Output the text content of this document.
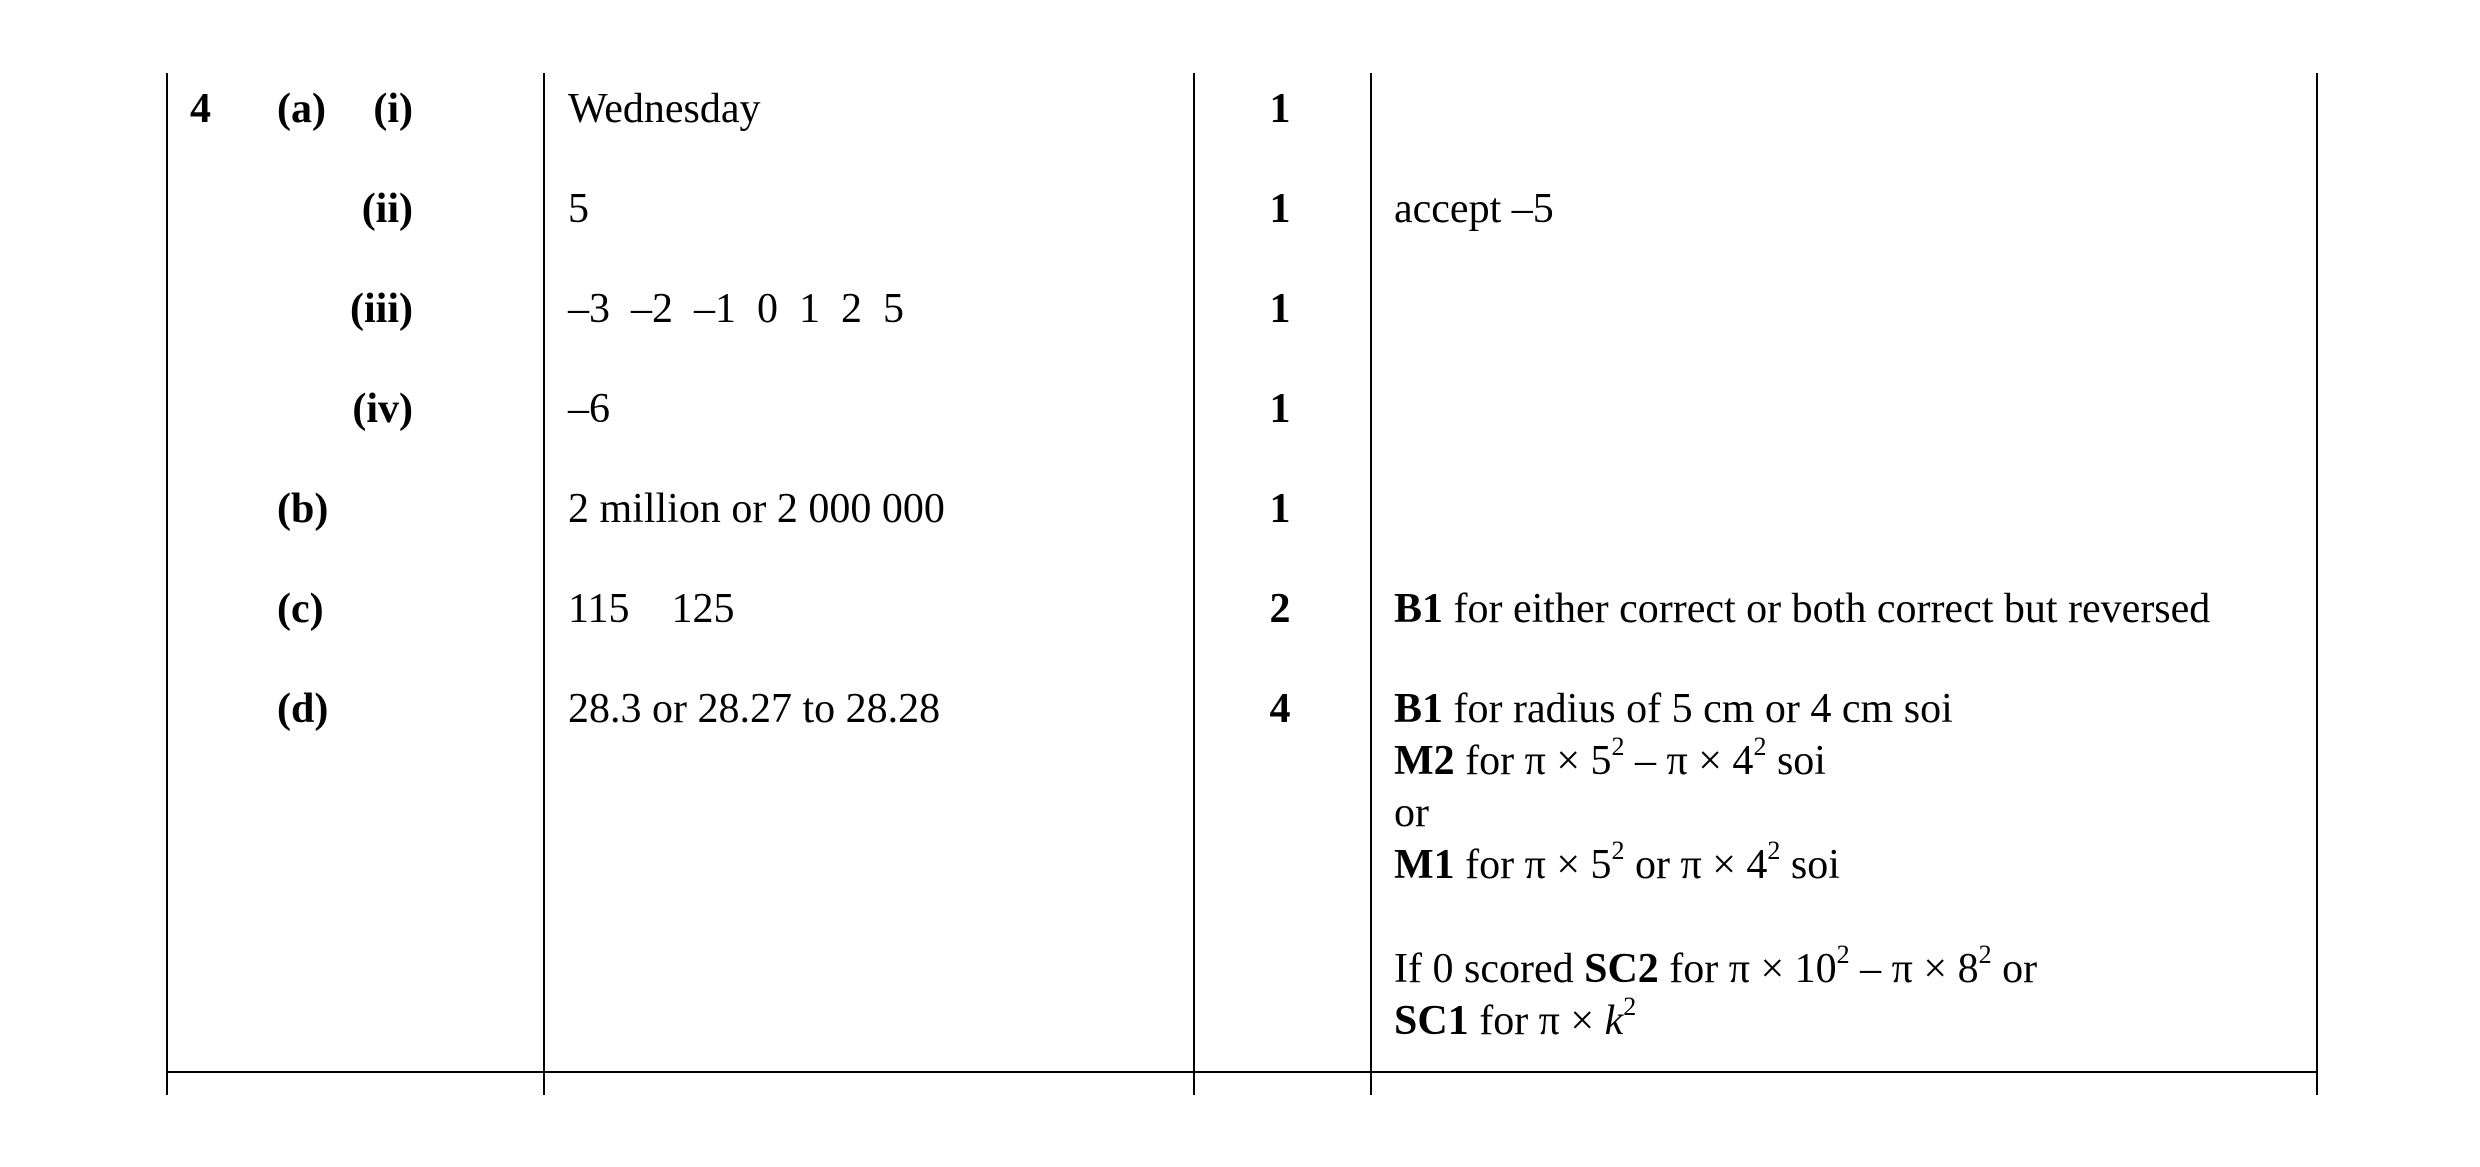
4 (a)	(i)	Wednesday	1
(ii)	5	1	accept –5
(iii)	–3  –2  –1  0  1  2  5	1
(iv)	–6	1
(b)	2 million or 2 000 000	1
(c)	115    125	2	B1 for either correct or both correct but reversed
(d)	28.3 or 28.27 to 28.28	4	B1 for radius of 5 cm or 4 cm soi
M2 for $\pi \times 5^2 - \pi \times 4^2$ soi
or
M1 for $\pi \times 5^2$ or $\pi \times 4^2$ soi
If 0 scored SC2 for $\pi \times 10^2 - \pi \times 8^2$ or
SC1 for $\pi \times k^2$
